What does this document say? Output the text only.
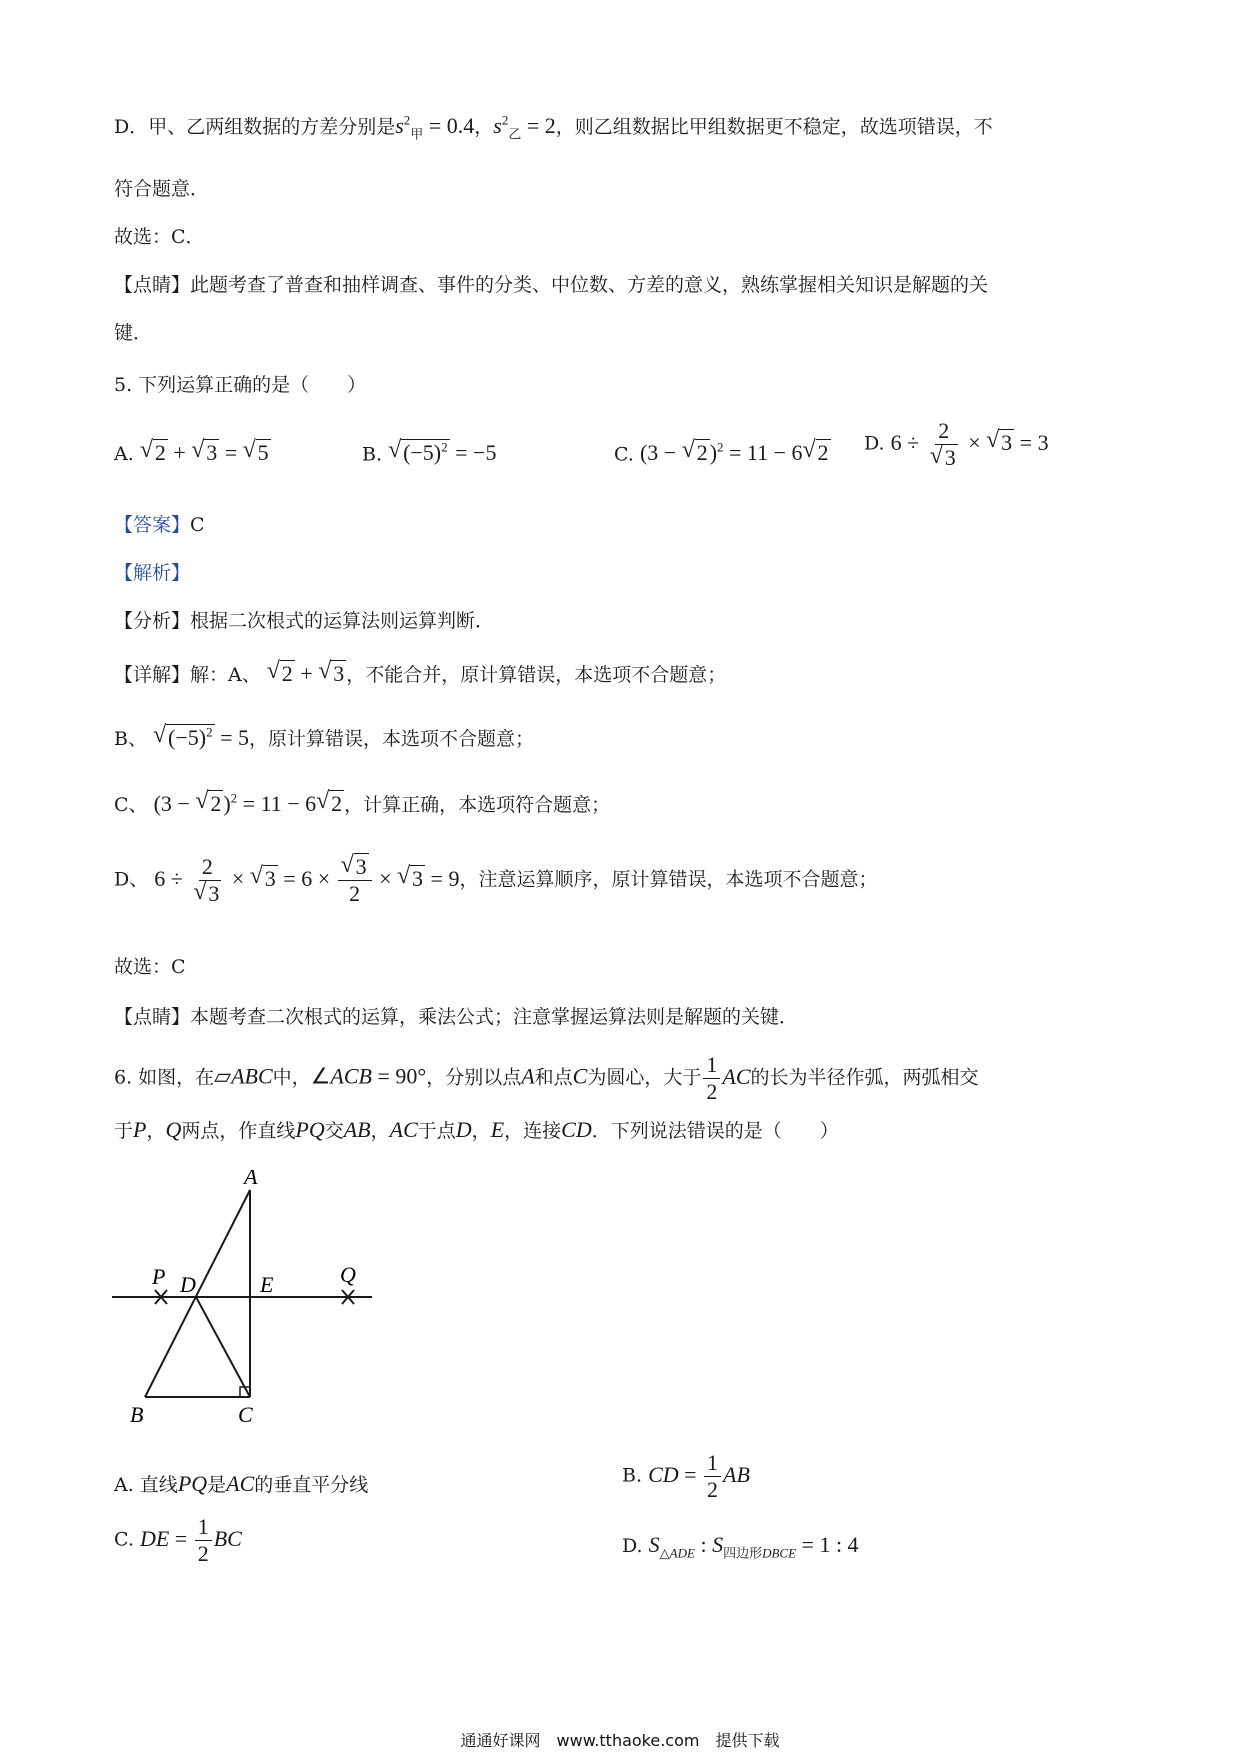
D．甲、乙两组数据的方差分别是$s^2_甲 = 0.4$，$s^2_乙 = 2$，则乙组数据比甲组数据更不稳定，故选项错误，不
符合题意．
故选：C．
【点睛】此题考查了普查和抽样调查、事件的分类、中位数、方差的意义，熟练掌握相关知识是解题的关
键．
5. 下列运算正确的是（　　）
A. √ 2 + √ 3 = √ 5	B. √ $(-5)^2 = -5$	C. (3 − √ 2)$^2$ = 11 − 6 √ 2 D. 6 ÷ 2
√ 3 × √ 3 = 3
【答案】C
【解析】
【分析】根据二次根式的运算法则运算判断．
【详解】解：A、 √ 2 + √ 3 ，不能合并，原计算错误，本选项不合题意；
B、 √ $(-5)^2 = 5$，原计算错误，本选项不合题意；
C、 (3 − √ 2)$^2$ = 11 − 6 √ 2 ，计算正确，本选项符合题意；
D、 6 ÷ 2
√ 3 × √ 3 = 6 × √ $\frac{3}{2}$ × √ 3 = 9，注意运算顺序，原计算错误，本选项不合题意；
故选：C
【点睛】本题考查二次根式的运算，乘法公式；注意掌握运算法则是解题的关键．
6. 如图，在▱ABC中，∠ACB = 90°，分别以点A和点C为圆心，大于 $\frac{1}{2}$ AC的长为半径作弧，两弧相交
于P，Q两点，作直线PQ交AB，AC于点D，E，连接CD．下列说法错误的是（　　）
A
P D	E	Q
B	C
A. 直线PQ是AC的垂直平分线	B. CD = $\frac{1}{2}$ AB
C. DE = $\frac{1}{2}$ BC	D. $S_{\triangle ADE}$ : $S_{四边形DBCE} = 1$ : 4
通通好课网　www.tthaoke.com　提供下载
